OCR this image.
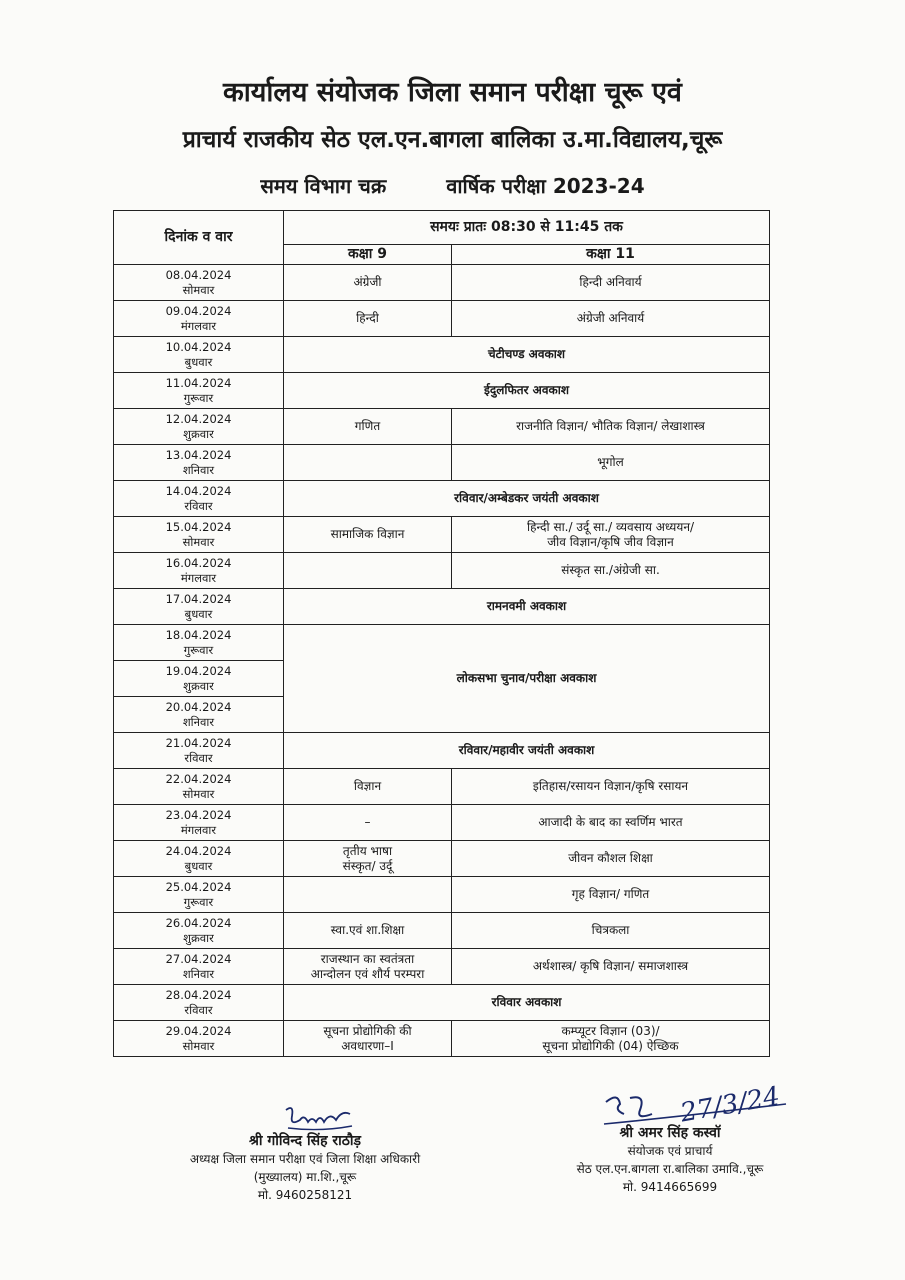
कार्यालय संयोजक जिला समान परीक्षा चूरू एवं
प्राचार्य राजकीय सेठ एल.एन.बागला बालिका उ.मा.विद्यालय,चूरू
समय विभाग चक्र	वार्षिक परीक्षा 2023-24
दिनांक व वार	समयः प्रातः 08:30 से 11:45 तक	
	कक्षा 9	कक्षा 11

08.04.2024
सोमवार	अंग्रेजी	हिन्दी अनिवार्य

09.04.2024
मंगलवार	हिन्दी	अंग्रेजी अनिवार्य

10.04.2024
बुधवार	चेटीचण्ड अवकाश	

11.04.2024
गुरूवार	ईदुलफितर अवकाश	

12.04.2024
शुक्रवार	गणित	राजनीति विज्ञान/ भौतिक विज्ञान/ लेखाशास्त्र

13.04.2024
शनिवार		भूगोल

14.04.2024
रविवार	रविवार/अम्बेडकर जयंती अवकाश	

15.04.2024
सोमवार	सामाजिक विज्ञान	हिन्दी सा./ उर्दू सा./ व्यवसाय अध्ययन/
जीव विज्ञान/कृषि जीव विज्ञान

16.04.2024
मंगलवार		संस्कृत सा./अंग्रेजी सा.

17.04.2024
बुधवार	रामनवमी अवकाश	

18.04.2024
गुरूवार	लोकसभा चुनाव/परीक्षा अवकाश	

19.04.2024
शुक्रवार		

20.04.2024
शनिवार		

21.04.2024
रविवार	रविवार/महावीर जयंती अवकाश	

22.04.2024
सोमवार	विज्ञान	इतिहास/रसायन विज्ञान/कृषि रसायन

23.04.2024
मंगलवार	–	आजादी के बाद का स्वर्णिम भारत

24.04.2024
बुधवार	तृतीय भाषा
संस्कृत/ उर्दू	जीवन कौशल शिक्षा

25.04.2024
गुरूवार		गृह विज्ञान/ गणित

26.04.2024
शुक्रवार	स्वा.एवं शा.शिक्षा	चित्रकला

27.04.2024
शनिवार	राजस्थान का स्वतंत्रता
आन्दोलन एवं शौर्य परम्परा	अर्थशास्त्र/ कृषि विज्ञान/ समाजशास्त्र

28.04.2024
रविवार	रविवार अवकाश	

29.04.2024
सोमवार	सूचना प्रोद्योगिकी की
अवधारणा–I	कम्प्यूटर विज्ञान (03)/
सूचना प्रोद्योगिकी (04) ऐच्छिक
27/3/24
श्री गोविन्द सिंह राठौड़
अध्यक्ष जिला समान परीक्षा एवं जिला शिक्षा अधिकारी
(मुख्यालय) मा.शि.,चूरू
मो. 9460258121
श्री अमर सिंह कस्वॉ
संयोजक एवं प्राचार्य
सेठ एल.एन.बागला रा.बालिका उमावि.,चूरू
मो. 9414665699
